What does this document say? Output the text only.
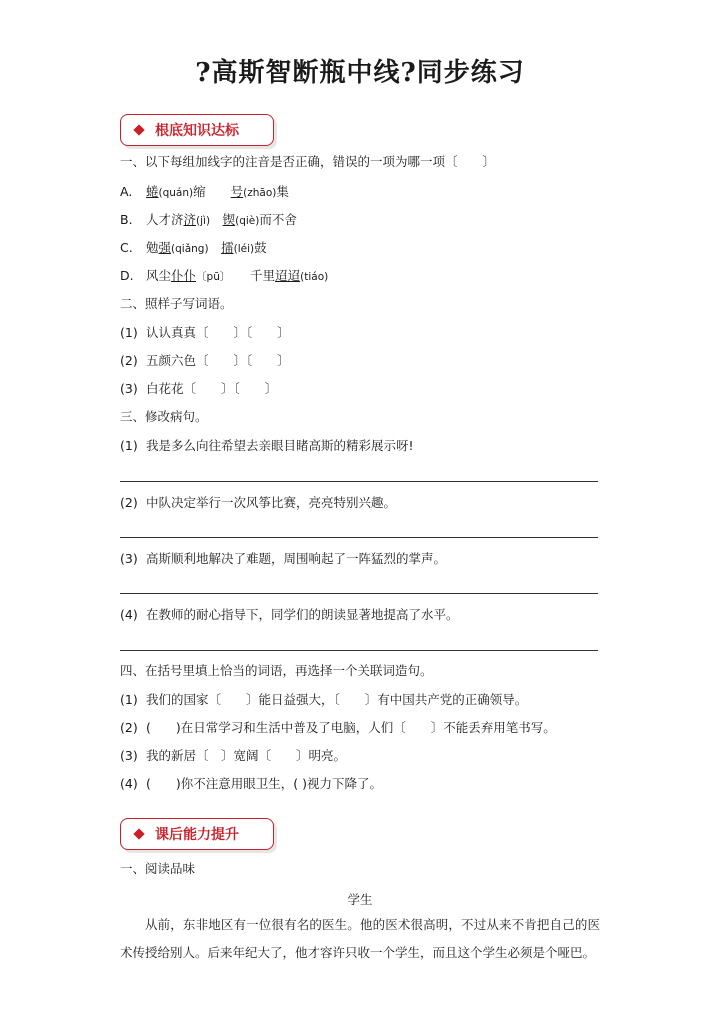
?高斯智断瓶中线?同步练习
根底知识达标
一、以下每组加线字的注音是否正确，错误的一项为哪一项〔　　〕
A. 蜷(quán)缩　　 号(zhāo)集
B. 人才济济(jì)　 锲(qiè)而不舍
C. 勉强(qiǎng)　 擂(léi)鼓
D. 风尘仆仆〔pū〕　　 千里迢迢(tiáo)
二、照样子写词语。
(1) 认认真真〔　　〕〔　　〕
(2) 五颜六色〔　　〕〔　　〕
(3) 白花花〔　　〕〔　　〕
三、修改病句。
(1) 我是多么向往希望去亲眼目睹高斯的精彩展示呀!
(2) 中队决定举行一次风筝比赛，亮亮特别兴趣。
(3) 高斯顺利地解决了难题，周围响起了一阵猛烈的掌声。
(4) 在教师的耐心指导下，同学们的朗读显著地提高了水平。
四、在括号里填上恰当的词语，再选择一个关联词造句。
(1) 我们的国家〔　　〕能日益强大，〔　　〕有中国共产党的正确领导。
(2) (　　)在日常学习和生活中普及了电脑，人们〔　　〕不能丢弃用笔书写。
(3) 我的新居〔　〕宽阔〔　　〕明亮。
(4) (　　)你不注意用眼卫生，( )视力下降了。
课后能力提升
一、阅读品味
学生
从前，东非地区有一位很有名的医生。他的医术很高明，不过从来不肯把自己的医术传授给别人。后来年纪大了，他才容许只收一个学生，而且这个学生必须是个哑巴。
